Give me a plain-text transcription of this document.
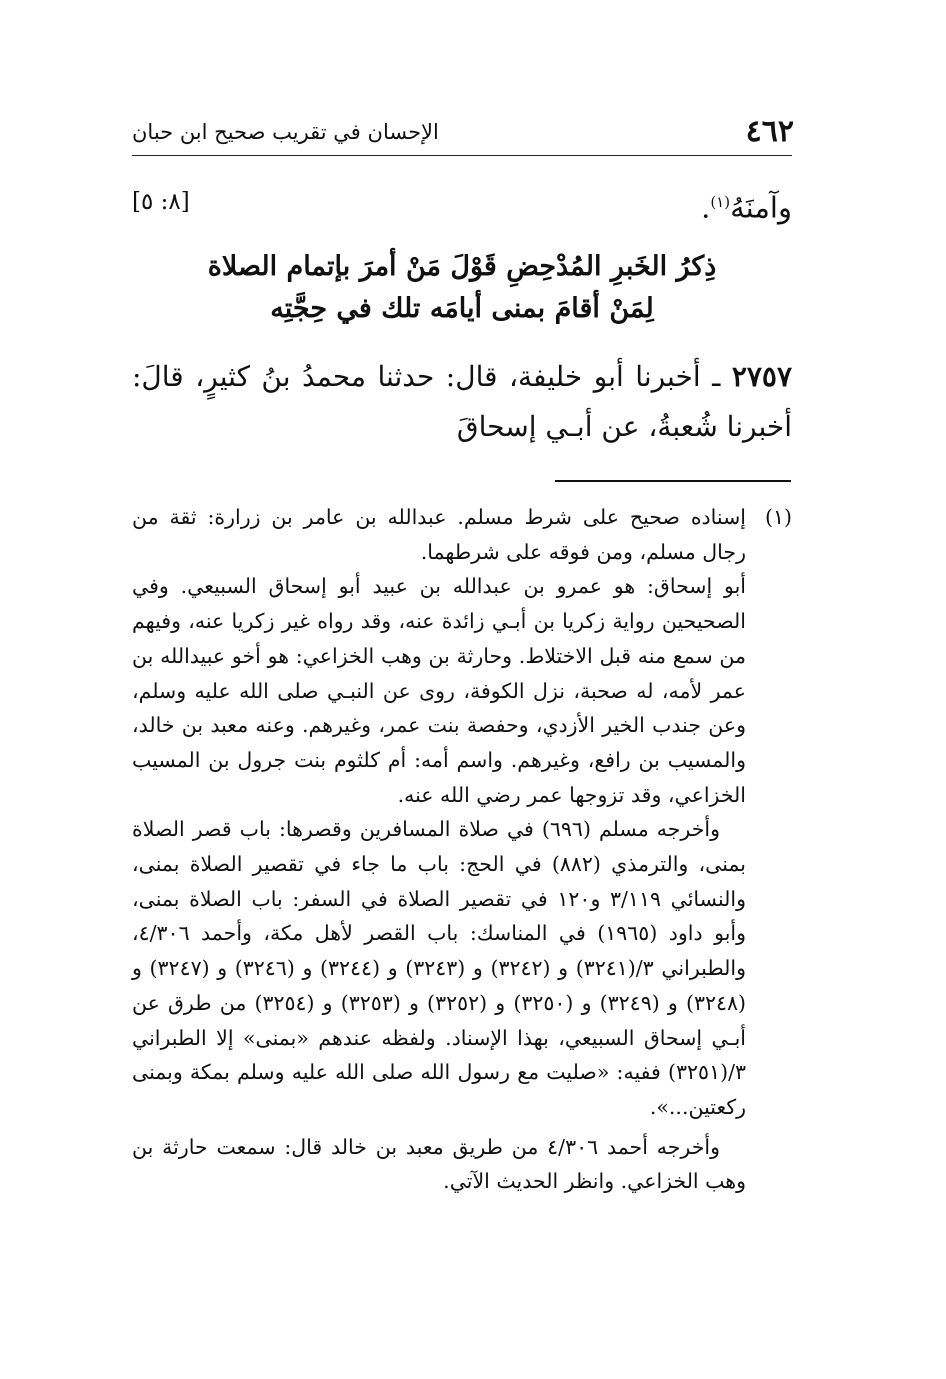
٤٦٢
الإحسان في تقريب صحيح ابن حبان
وآمنَهُ$^{(١)}$.
[٨: ٥]
ذِكرُ الخَبرِ المُدْحِضِ قَوْلَ مَنْ أمرَ بإتمام الصلاة
لِمَنْ أقامَ بمنى أيامَه تلك في حِجَّتِه
٢٧٥٧ ـ أخبرنا أبو خليفة، قال: حدثنا محمدُ بنُ كثيرٍ، قالَ: أخبرنا شُعبةُ، عن أبـي إسحاقَ
(١)
إسناده صحيح على شرط مسلم. عبدالله بن عامر بن زرارة: ثقة من رجال مسلم، ومن فوقه على شرطهما.

أبو إسحاق: هو عمرو بن عبدالله بن عبيد أبو إسحاق السبيعي. وفي الصحيحين رواية زكريا بن أبـي زائدة عنه، وقد رواه غير زكريا عنه، وفيهم من سمع منه قبل الاختلاط. وحارثة بن وهب الخزاعي: هو أخو عبيدالله بن عمر لأمه، له صحبة، نزل الكوفة، روى عن النبـي صلى الله عليه وسلم، وعن جندب الخير الأزدي، وحفصة بنت عمر، وغيرهم. وعنه معبد بن خالد، والمسيب بن رافع، وغيرهم. واسم أمه: أم كلثوم بنت جرول بن المسيب الخزاعي، وقد تزوجها عمر رضي الله عنه.

وأخرجه مسلم (٦٩٦) في صلاة المسافرين وقصرها: باب قصر الصلاة بمنى، والترمذي (٨٨٢) في الحج: باب ما جاء في تقصير الصلاة بمنى، والنسائي ٣/١١٩ و١٢٠ في تقصير الصلاة في السفر: باب الصلاة بمنى، وأبو داود (١٩٦٥) في المناسك: باب القصر لأهل مكة، وأحمد ٤/٣٠٦، والطبراني ٣/(٣٢٤١) و (٣٢٤٢) و (٣٢٤٣) و (٣٢٤٤) و (٣٢٤٦) و (٣٢٤٧) و (٣٢٤٨) و (٣٢٤٩) و (٣٢٥٠) و (٣٢٥٢) و (٣٢٥٣) و (٣٢٥٤) من طرق عن أبـي إسحاق السبيعي، بهذا الإسناد. ولفظه عندهم «بمنى» إلا الطبراني ٣/(٣٢٥١) ففيه: «صليت مع رسول الله صلى الله عليه وسلم بمكة وبمنى ركعتين...».

وأخرجه أحمد ٤/٣٠٦ من طريق معبد بن خالد قال: سمعت حارثة بن وهب الخزاعي. وانظر الحديث الآتي.
